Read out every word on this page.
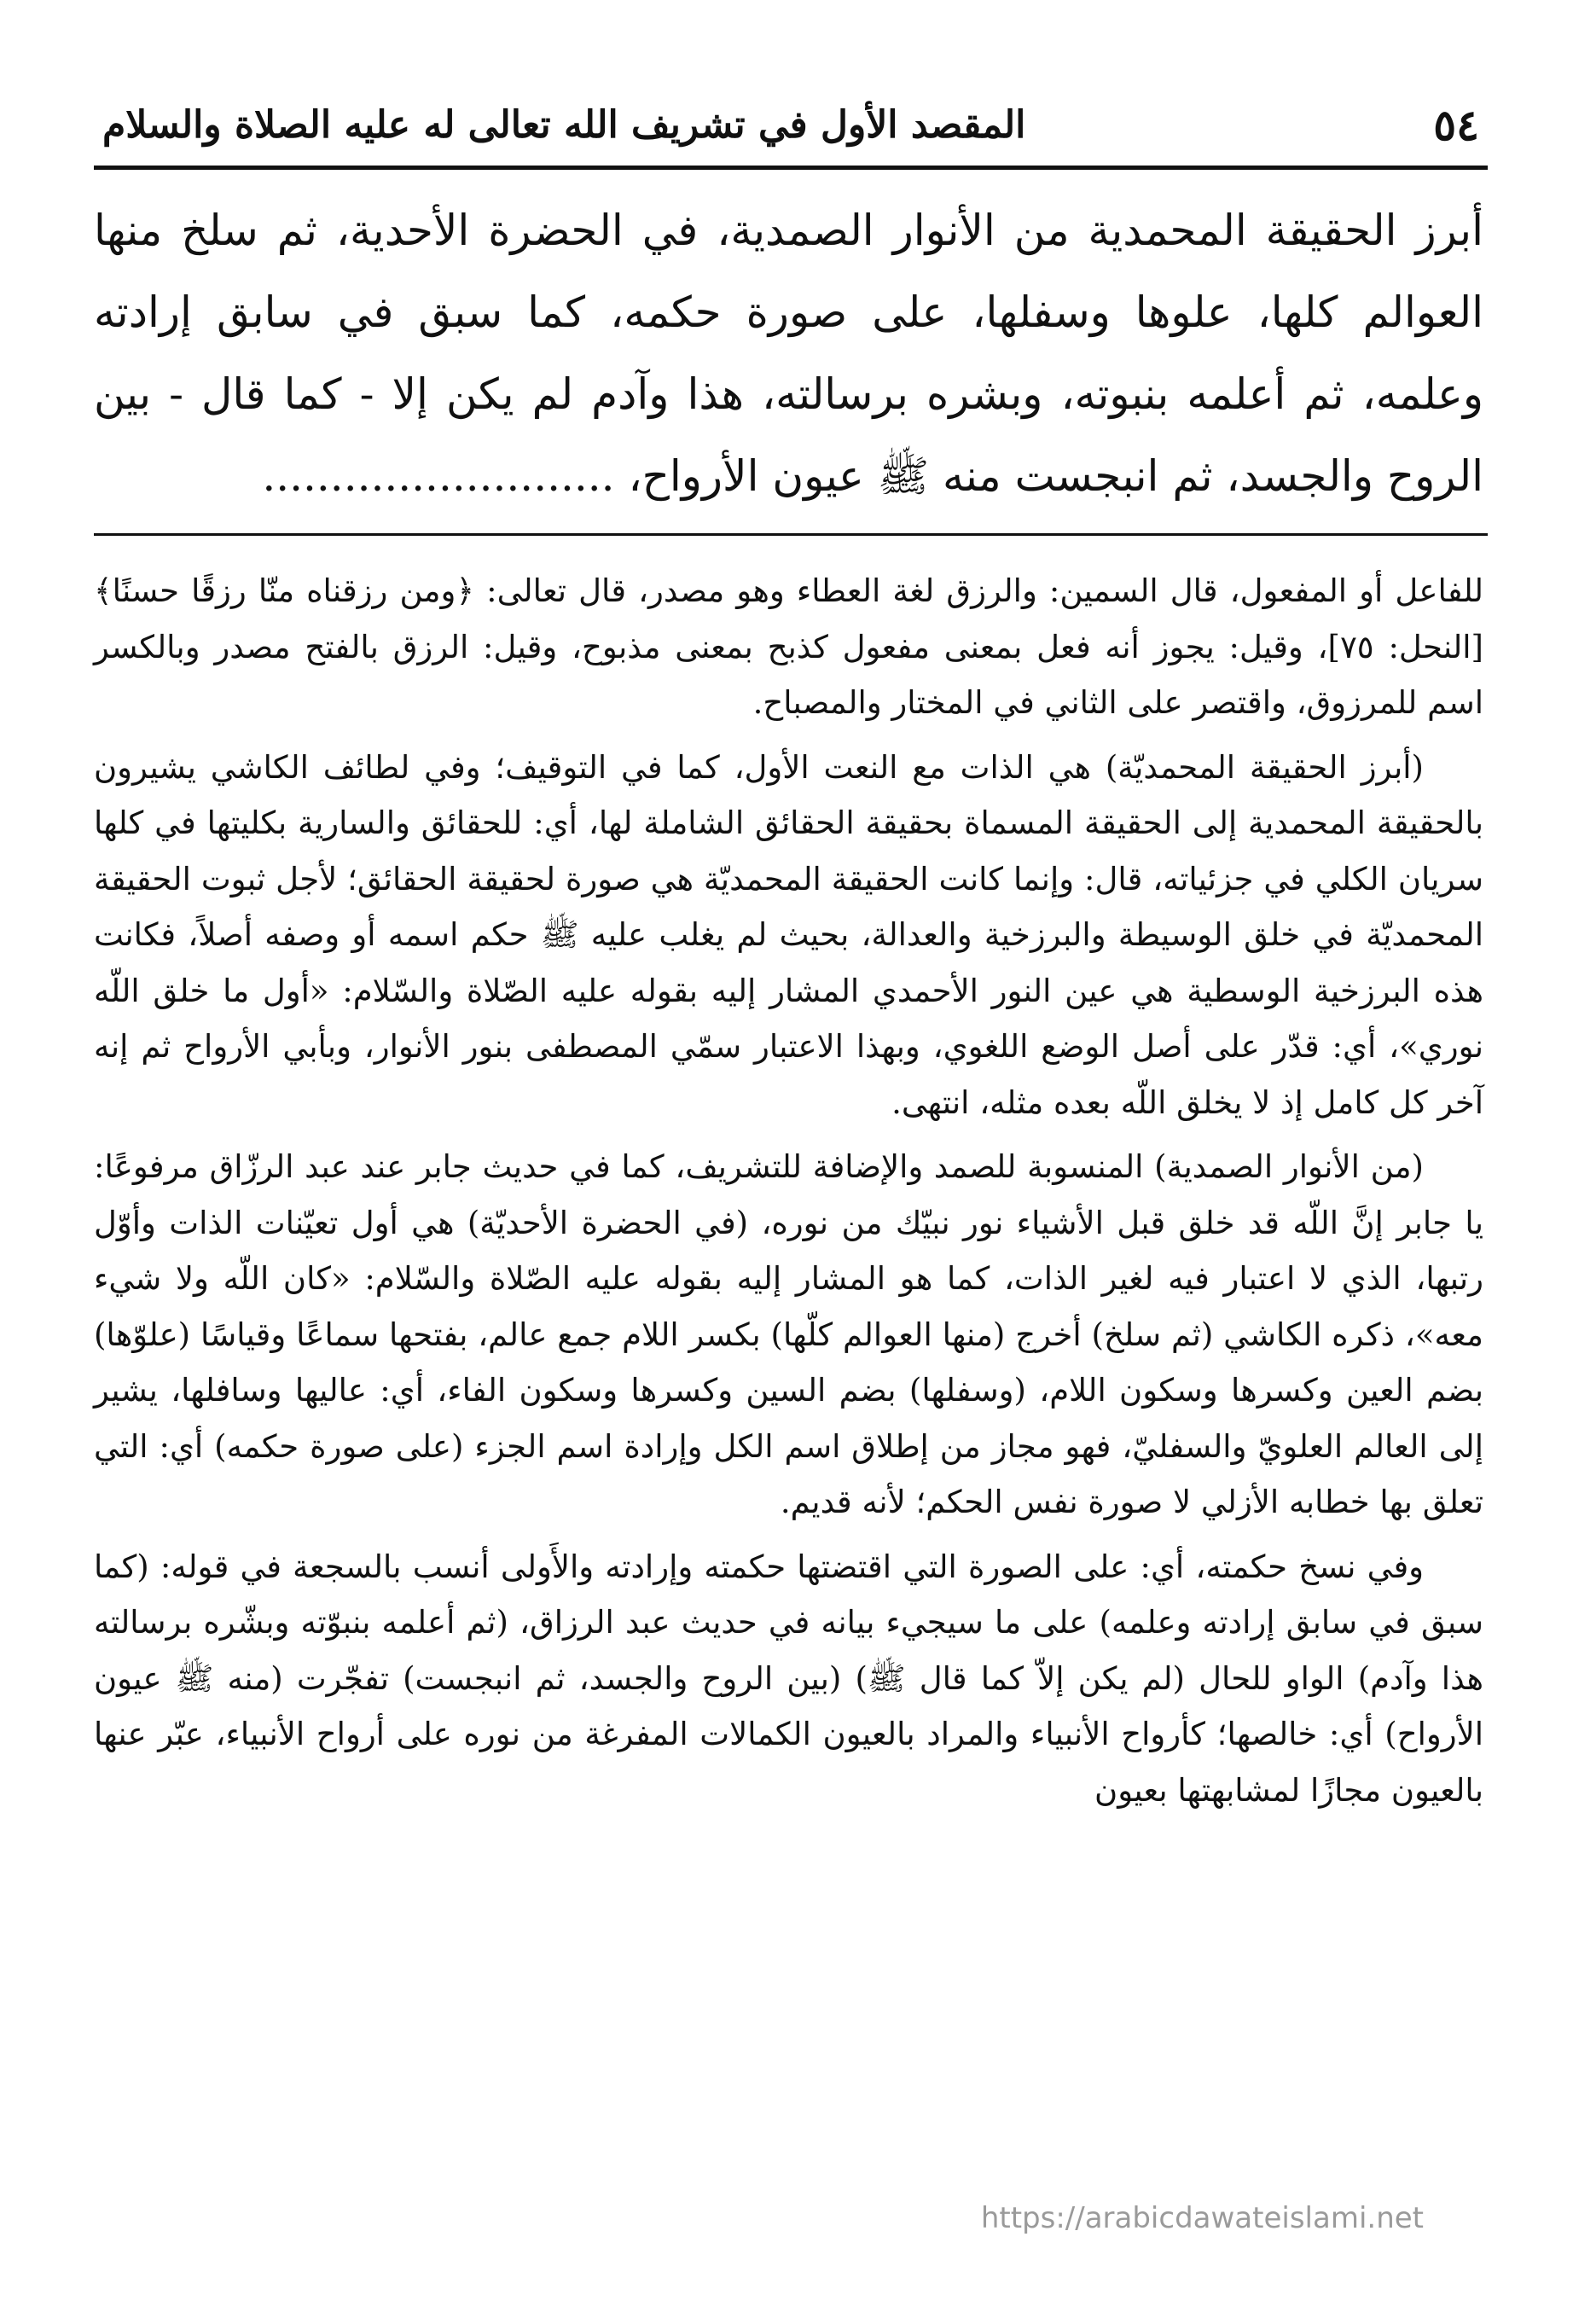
٥٤
المقصد الأول في تشريف الله تعالى له عليه الصلاة والسلام

أبرز الحقيقة المحمدية من الأنوار الصمدية، في الحضرة الأحدية، ثم سلخ منها العوالم كلها، علوها وسفلها، على صورة حكمه، كما سبق في سابق إرادته وعلمه، ثم أعلمه بنبوته، وبشره برسالته، هذا وآدم لم يكن إلا - كما قال - بين الروح والجسد، ثم انبجست منه ﷺ عيون الأرواح، ..........................

للفاعل أو المفعول، قال السمين: والرزق لغة العطاء وهو مصدر، قال تعالى: ﴿ومن رزقناه منّا رزقًا حسنًا﴾ [النحل: ٧٥]، وقيل: يجوز أنه فعل بمعنى مفعول كذبح بمعنى مذبوح، وقيل: الرزق بالفتح مصدر وبالكسر اسم للمرزوق، واقتصر على الثاني في المختار والمصباح.

(أبرز الحقيقة المحمديّة) هي الذات مع النعت الأول، كما في التوقيف؛ وفي لطائف الكاشي يشيرون بالحقيقة المحمدية إلى الحقيقة المسماة بحقيقة الحقائق الشاملة لها، أي: للحقائق والسارية بكليتها في كلها سريان الكلي في جزئياته، قال: وإنما كانت الحقيقة المحمديّة هي صورة لحقيقة الحقائق؛ لأجل ثبوت الحقيقة المحمديّة في خلق الوسيطة والبرزخية والعدالة، بحيث لم يغلب عليه ﷺ حكم اسمه أو وصفه أصلاً، فكانت هذه البرزخية الوسطية هي عين النور الأحمدي المشار إليه بقوله عليه الصّلاة والسّلام: «أول ما خلق اللّه نوري»، أي: قدّر على أصل الوضع اللغوي، وبهذا الاعتبار سمّي المصطفى بنور الأنوار، وبأبي الأرواح ثم إنه آخر كل كامل إذ لا يخلق اللّه بعده مثله، انتهى.

(من الأنوار الصمدية) المنسوبة للصمد والإضافة للتشريف، كما في حديث جابر عند عبد الرزّاق مرفوعًا: يا جابر إنَّ اللّه قد خلق قبل الأشياء نور نبيّك من نوره، (في الحضرة الأحديّة) هي أول تعيّنات الذات وأوّل رتبها، الذي لا اعتبار فيه لغير الذات، كما هو المشار إليه بقوله عليه الصّلاة والسّلام: «كان اللّه ولا شيء معه»، ذكره الكاشي (ثم سلخ) أخرج (منها العوالم كلّها) بكسر اللام جمع عالم، بفتحها سماعًا وقياسًا (علوّها) بضم العين وكسرها وسكون اللام، (وسفلها) بضم السين وكسرها وسكون الفاء، أي: عاليها وسافلها، يشير إلى العالم العلويّ والسفليّ، فهو مجاز من إطلاق اسم الكل وإرادة اسم الجزء (على صورة حكمه) أي: التي تعلق بها خطابه الأزلي لا صورة نفس الحكم؛ لأنه قديم.

وفي نسخ حكمته، أي: على الصورة التي اقتضتها حكمته وإرادته والأَولى أنسب بالسجعة في قوله: (كما سبق في سابق إرادته وعلمه) على ما سيجيء بيانه في حديث عبد الرزاق، (ثم أعلمه بنبوّته وبشّره برسالته هذا وآدم) الواو للحال (لم يكن إلاّ كما قال ﷺ) (بين الروح والجسد، ثم انبجست) تفجّرت (منه ﷺ عيون الأرواح) أي: خالصها؛ كأرواح الأنبياء والمراد بالعيون الكمالات المفرغة من نوره على أرواح الأنبياء، عبّر عنها بالعيون مجازًا لمشابهتها بعيون

https://arabicdawateislami.net
